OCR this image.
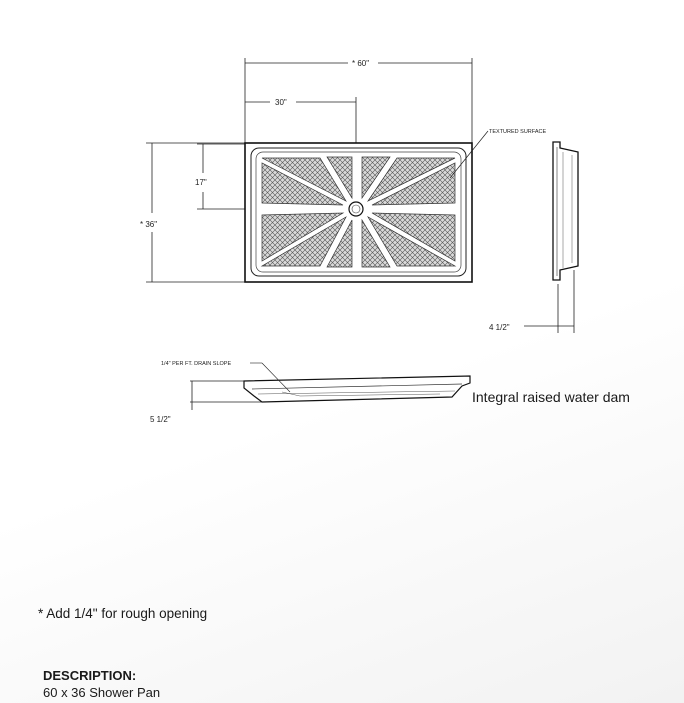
* 60"
30"
17"
* 36"
TEXTURED SURFACE
4 1/2"
1/4" PER FT. DRAIN SLOPE
5 1/2"
Integral raised water dam
* Add 1/4" for rough opening
DESCRIPTION:
60 x 36 Shower Pan
